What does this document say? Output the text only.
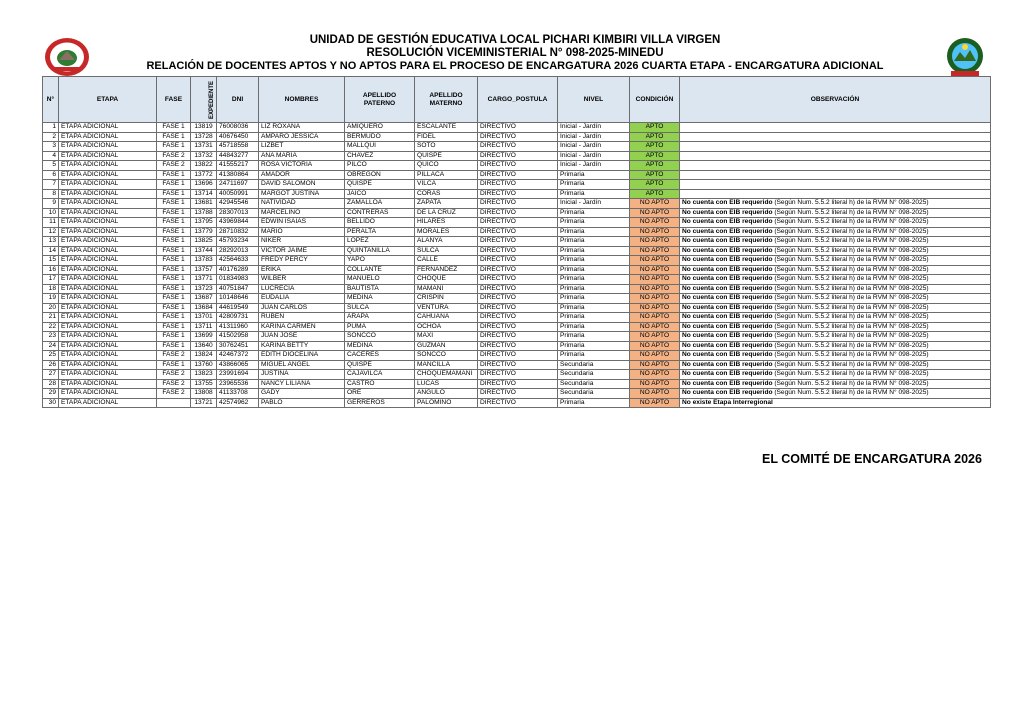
UNIDAD DE GESTIÓN EDUCATIVA LOCAL PICHARI KIMBIRI VILLA VIRGEN
RESOLUCIÓN VICEMINISTERIAL N° 098-2025-MINEDU
RELACIÓN DE DOCENTES APTOS Y NO APTOS PARA EL PROCESO DE ENCARGATURA 2026 CUARTA ETAPA - ENCARGATURA ADICIONAL
N°	ETAPA	FASE	EXPEDIENTE	DNI	NOMBRES	APELLIDO PATERNO	APELLIDO MATERNO	CARGO_POSTULA	NIVEL	CONDICIÓN	OBSERVACIÓN
1	ETAPA ADICIONAL	FASE 1	13819	76008036	LIZ ROXANA	AMIQUERO	ESCALANTE	DIRECTIVO	Inicial - Jardín	APTO	
2	ETAPA ADICIONAL	FASE 1	13728	40676450	AMPARO JESSICA	BERMUDO	FIDEL	DIRECTIVO	Inicial - Jardín	APTO	
3	ETAPA ADICIONAL	FASE 1	13731	45718558	LIZBET	MALLQUI	SOTO	DIRECTIVO	Inicial - Jardín	APTO	
4	ETAPA ADICIONAL	FASE 2	13732	44843277	ANA MARIA	CHAVEZ	QUISPE	DIRECTIVO	Inicial - Jardín	APTO	
5	ETAPA ADICIONAL	FASE 2	13822	41555217	ROSA VICTORIA	PILCO	QUICO	DIRECTIVO	Inicial - Jardín	APTO	
6	ETAPA ADICIONAL	FASE 1	13772	41380864	AMADOR	OBREGON	PILLACA	DIRECTIVO	Primaria	APTO	
7	ETAPA ADICIONAL	FASE 1	13696	24711697	DAVID SALOMON	QUISPE	VILCA	DIRECTIVO	Primaria	APTO	
8	ETAPA ADICIONAL	FASE 1	13714	40050991	MARGOT JUSTINA	JAICO	CORAS	DIRECTIVO	Primaria	APTO	
9	ETAPA ADICIONAL	FASE 1	13681	42945546	NATIVIDAD	ZAMALLOA	ZAPATA	DIRECTIVO	Inicial - Jardín	NO APTO	No cuenta con EIB requerido (Según Num. 5.5.2 literal h) de la RVM N° 098-2025)
10	ETAPA ADICIONAL	FASE 1	13788	28307013	MARCELINO	CONTRERAS	DE LA CRUZ	DIRECTIVO	Primaria	NO APTO	No cuenta con EIB requerido (Según Num. 5.5.2 literal h) de la RVM N° 098-2025)
11	ETAPA ADICIONAL	FASE 1	13795	43969844	EDWIN ISAIAS	BELLIDO	HILARES	DIRECTIVO	Primaria	NO APTO	No cuenta con EIB requerido (Según Num. 5.5.2 literal h) de la RVM N° 098-2025)
12	ETAPA ADICIONAL	FASE 1	13779	28710832	MARIO	PERALTA	MORALES	DIRECTIVO	Primaria	NO APTO	No cuenta con EIB requerido (Según Num. 5.5.2 literal h) de la RVM N° 098-2025)
13	ETAPA ADICIONAL	FASE 1	13825	45793234	NIKER	LOPEZ	ALANYA	DIRECTIVO	Primaria	NO APTO	No cuenta con EIB requerido (Según Num. 5.5.2 literal h) de la RVM N° 098-2025)
14	ETAPA ADICIONAL	FASE 1	13744	28292013	VICTOR JAIME	QUINTANILLA	SULCA	DIRECTIVO	Primaria	NO APTO	No cuenta con EIB requerido (Según Num. 5.5.2 literal h) de la RVM N° 098-2025)
15	ETAPA ADICIONAL	FASE 1	13783	42564633	FREDY PERCY	YAPO	CALLE	DIRECTIVO	Primaria	NO APTO	No cuenta con EIB requerido (Según Num. 5.5.2 literal h) de la RVM N° 098-2025)
16	ETAPA ADICIONAL	FASE 1	13757	40176289	ERIKA	COLLANTE	FERNANDEZ	DIRECTIVO	Primaria	NO APTO	No cuenta con EIB requerido (Según Num. 5.5.2 literal h) de la RVM N° 098-2025)
17	ETAPA ADICIONAL	FASE 1	13771	01834983	WILBER	MANUELO	CHOQUE	DIRECTIVO	Primaria	NO APTO	No cuenta con EIB requerido (Según Num. 5.5.2 literal h) de la RVM N° 098-2025)
18	ETAPA ADICIONAL	FASE 1	13723	40751847	LUCRECIA	BAUTISTA	MAMANI	DIRECTIVO	Primaria	NO APTO	No cuenta con EIB requerido (Según Num. 5.5.2 literal h) de la RVM N° 098-2025)
19	ETAPA ADICIONAL	FASE 1	13687	10148646	EUDALIA	MEDINA	CRISPIN	DIRECTIVO	Primaria	NO APTO	No cuenta con EIB requerido (Según Num. 5.5.2 literal h) de la RVM N° 098-2025)
20	ETAPA ADICIONAL	FASE 1	13684	44619549	JUAN CARLOS	SULCA	VENTURA	DIRECTIVO	Primaria	NO APTO	No cuenta con EIB requerido (Según Num. 5.5.2 literal h) de la RVM N° 098-2025)
21	ETAPA ADICIONAL	FASE 1	13701	42809731	RUBEN	ARAPA	CAHUANA	DIRECTIVO	Primaria	NO APTO	No cuenta con EIB requerido (Según Num. 5.5.2 literal h) de la RVM N° 098-2025)
22	ETAPA ADICIONAL	FASE 1	13711	41311960	KARINA CARMEN	PUMA	OCHOA	DIRECTIVO	Primaria	NO APTO	No cuenta con EIB requerido (Según Num. 5.5.2 literal h) de la RVM N° 098-2025)
23	ETAPA ADICIONAL	FASE 1	13699	41502958	JUAN JOSE	SONCCO	MAXI	DIRECTIVO	Primaria	NO APTO	No cuenta con EIB requerido (Según Num. 5.5.2 literal h) de la RVM N° 098-2025)
24	ETAPA ADICIONAL	FASE 1	13640	30762451	KARINA BETTY	MEDINA	GUZMAN	DIRECTIVO	Primaria	NO APTO	No cuenta con EIB requerido (Según Num. 5.5.2 literal h) de la RVM N° 098-2025)
25	ETAPA ADICIONAL	FASE 2	13824	42467372	EDITH DIOCELINA	CACERES	SONCCO	DIRECTIVO	Primaria	NO APTO	No cuenta con EIB requerido (Según Num. 5.5.2 literal h) de la RVM N° 098-2025)
26	ETAPA ADICIONAL	FASE 1	13760	43866065	MIGUEL ANGEL	QUISPE	MANCILLA	DIRECTIVO	Secundaria	NO APTO	No cuenta con EIB requerido (Según Num. 5.5.2 literal h) de la RVM N° 098-2025)
27	ETAPA ADICIONAL	FASE 2	13823	23991694	JUSTINA	CAJAVILCA	CHOQUEMAMANI	DIRECTIVO	Secundaria	NO APTO	No cuenta con EIB requerido (Según Num. 5.5.2 literal h) de la RVM N° 098-2025)
28	ETAPA ADICIONAL	FASE 2	13755	23965536	NANCY LILIANA	CASTRO	LUCAS	DIRECTIVO	Secundaria	NO APTO	No cuenta con EIB requerido (Según Num. 5.5.2 literal h) de la RVM N° 098-2025)
29	ETAPA ADICIONAL	FASE 2	13808	41133708	GADY	ORE	ANGULO	DIRECTIVO	Secundaria	NO APTO	No cuenta con EIB requerido (Según Num. 5.5.2 literal h) de la RVM N° 098-2025)
30	ETAPA ADICIONAL		13721	42574962	PABLO	GERREROS	PALOMINO	DIRECTIVO	Primaria	NO APTO	No existe Etapa Interregional
EL COMITÉ DE ENCARGATURA 2026
